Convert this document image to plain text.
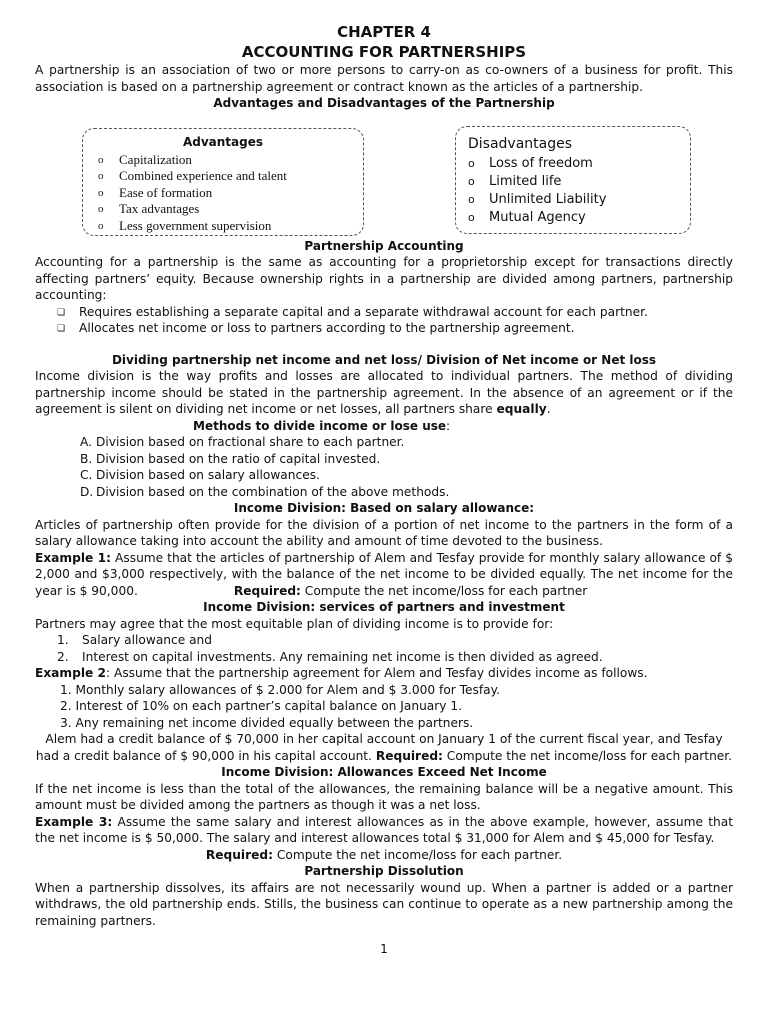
CHAPTER 4
ACCOUNTING FOR PARTNERSHIPS

A partnership is an association of two or more persons to carry-on as co-owners of a business for profit. This association is based on a partnership agreement or contract known as the articles of a partnership.

Advantages and Disadvantages of the Partnership
Advantages
o Capitalization
o Combined experience and talent
o Ease of formation
o Tax advantages
o Less government supervision
Disadvantages
o Loss of freedom
o Limited life
o Unlimited Liability
o Mutual Agency
Partnership Accounting

Accounting for a partnership is the same as accounting for a proprietorship except for transactions directly affecting partners’ equity. Because ownership rights in a partnership are divided among partners, partnership accounting:

❑ Requires establishing a separate capital and a separate withdrawal account for each partner.
❑ Allocates net income or loss to partners according to the partnership agreement.
Dividing partnership net income and net loss/ Division of Net income or Net loss

Income division is the way profits and losses are allocated to individual partners. The method of dividing partnership income should be stated in the partnership agreement. In the absence of an agreement or if the agreement is silent on dividing net income or net losses, all partners share equally.

Methods to divide income or lose use:
A. Division based on fractional share to each partner.
B. Division based on the ratio of capital invested.
C. Division based on salary allowances.
D. Division based on the combination of the above methods.
Income Division: Based on salary allowance:

Articles of partnership often provide for the division of a portion of net income to the partners in the form of a salary allowance taking into account the ability and amount of time devoted to the business.

Example 1: Assume that the articles of partnership of Alem and Tesfay provide for monthly salary allowance of $ 2,000 and $3,000 respectively, with the balance of the net income to be divided equally. The net income for the year is $ 90,000.	Required: Compute the net income/loss for each partner

Income Division: services of partners and investment

Partners may agree that the most equitable plan of dividing income is to provide for:

1. Salary allowance and
2. Interest on capital investments. Any remaining net income is then divided as agreed.

Example 2: Assume that the partnership agreement for Alem and Tesfay divides income as follows.

1. Monthly salary allowances of $ 2.000 for Alem and $ 3.000 for Tesfay.

2. Interest of 10% on each partner’s capital balance on January 1.

3. Any remaining net income divided equally between the partners.

Alem had a credit balance of $ 70,000 in her capital account on January 1 of the current fiscal year, and Tesfay had a credit balance of $ 90,000 in his capital account. Required: Compute the net income/loss for each partner.

Income Division: Allowances Exceed Net Income

If the net income is less than the total of the allowances, the remaining balance will be a negative amount. This amount must be divided among the partners as though it was a net loss.

Example 3: Assume the same salary and interest allowances as in the above example, however, assume that the net income is $ 50,000. The salary and interest allowances total $ 31,000 for Alem and $ 45,000 for Tesfay.

Required: Compute the net income/loss for each partner.

Partnership Dissolution

When a partnership dissolves, its affairs are not necessarily wound up. When a partner is added or a partner withdraws, the old partnership ends. Stills, the business can continue to operate as a new partnership among the remaining partners.

1
